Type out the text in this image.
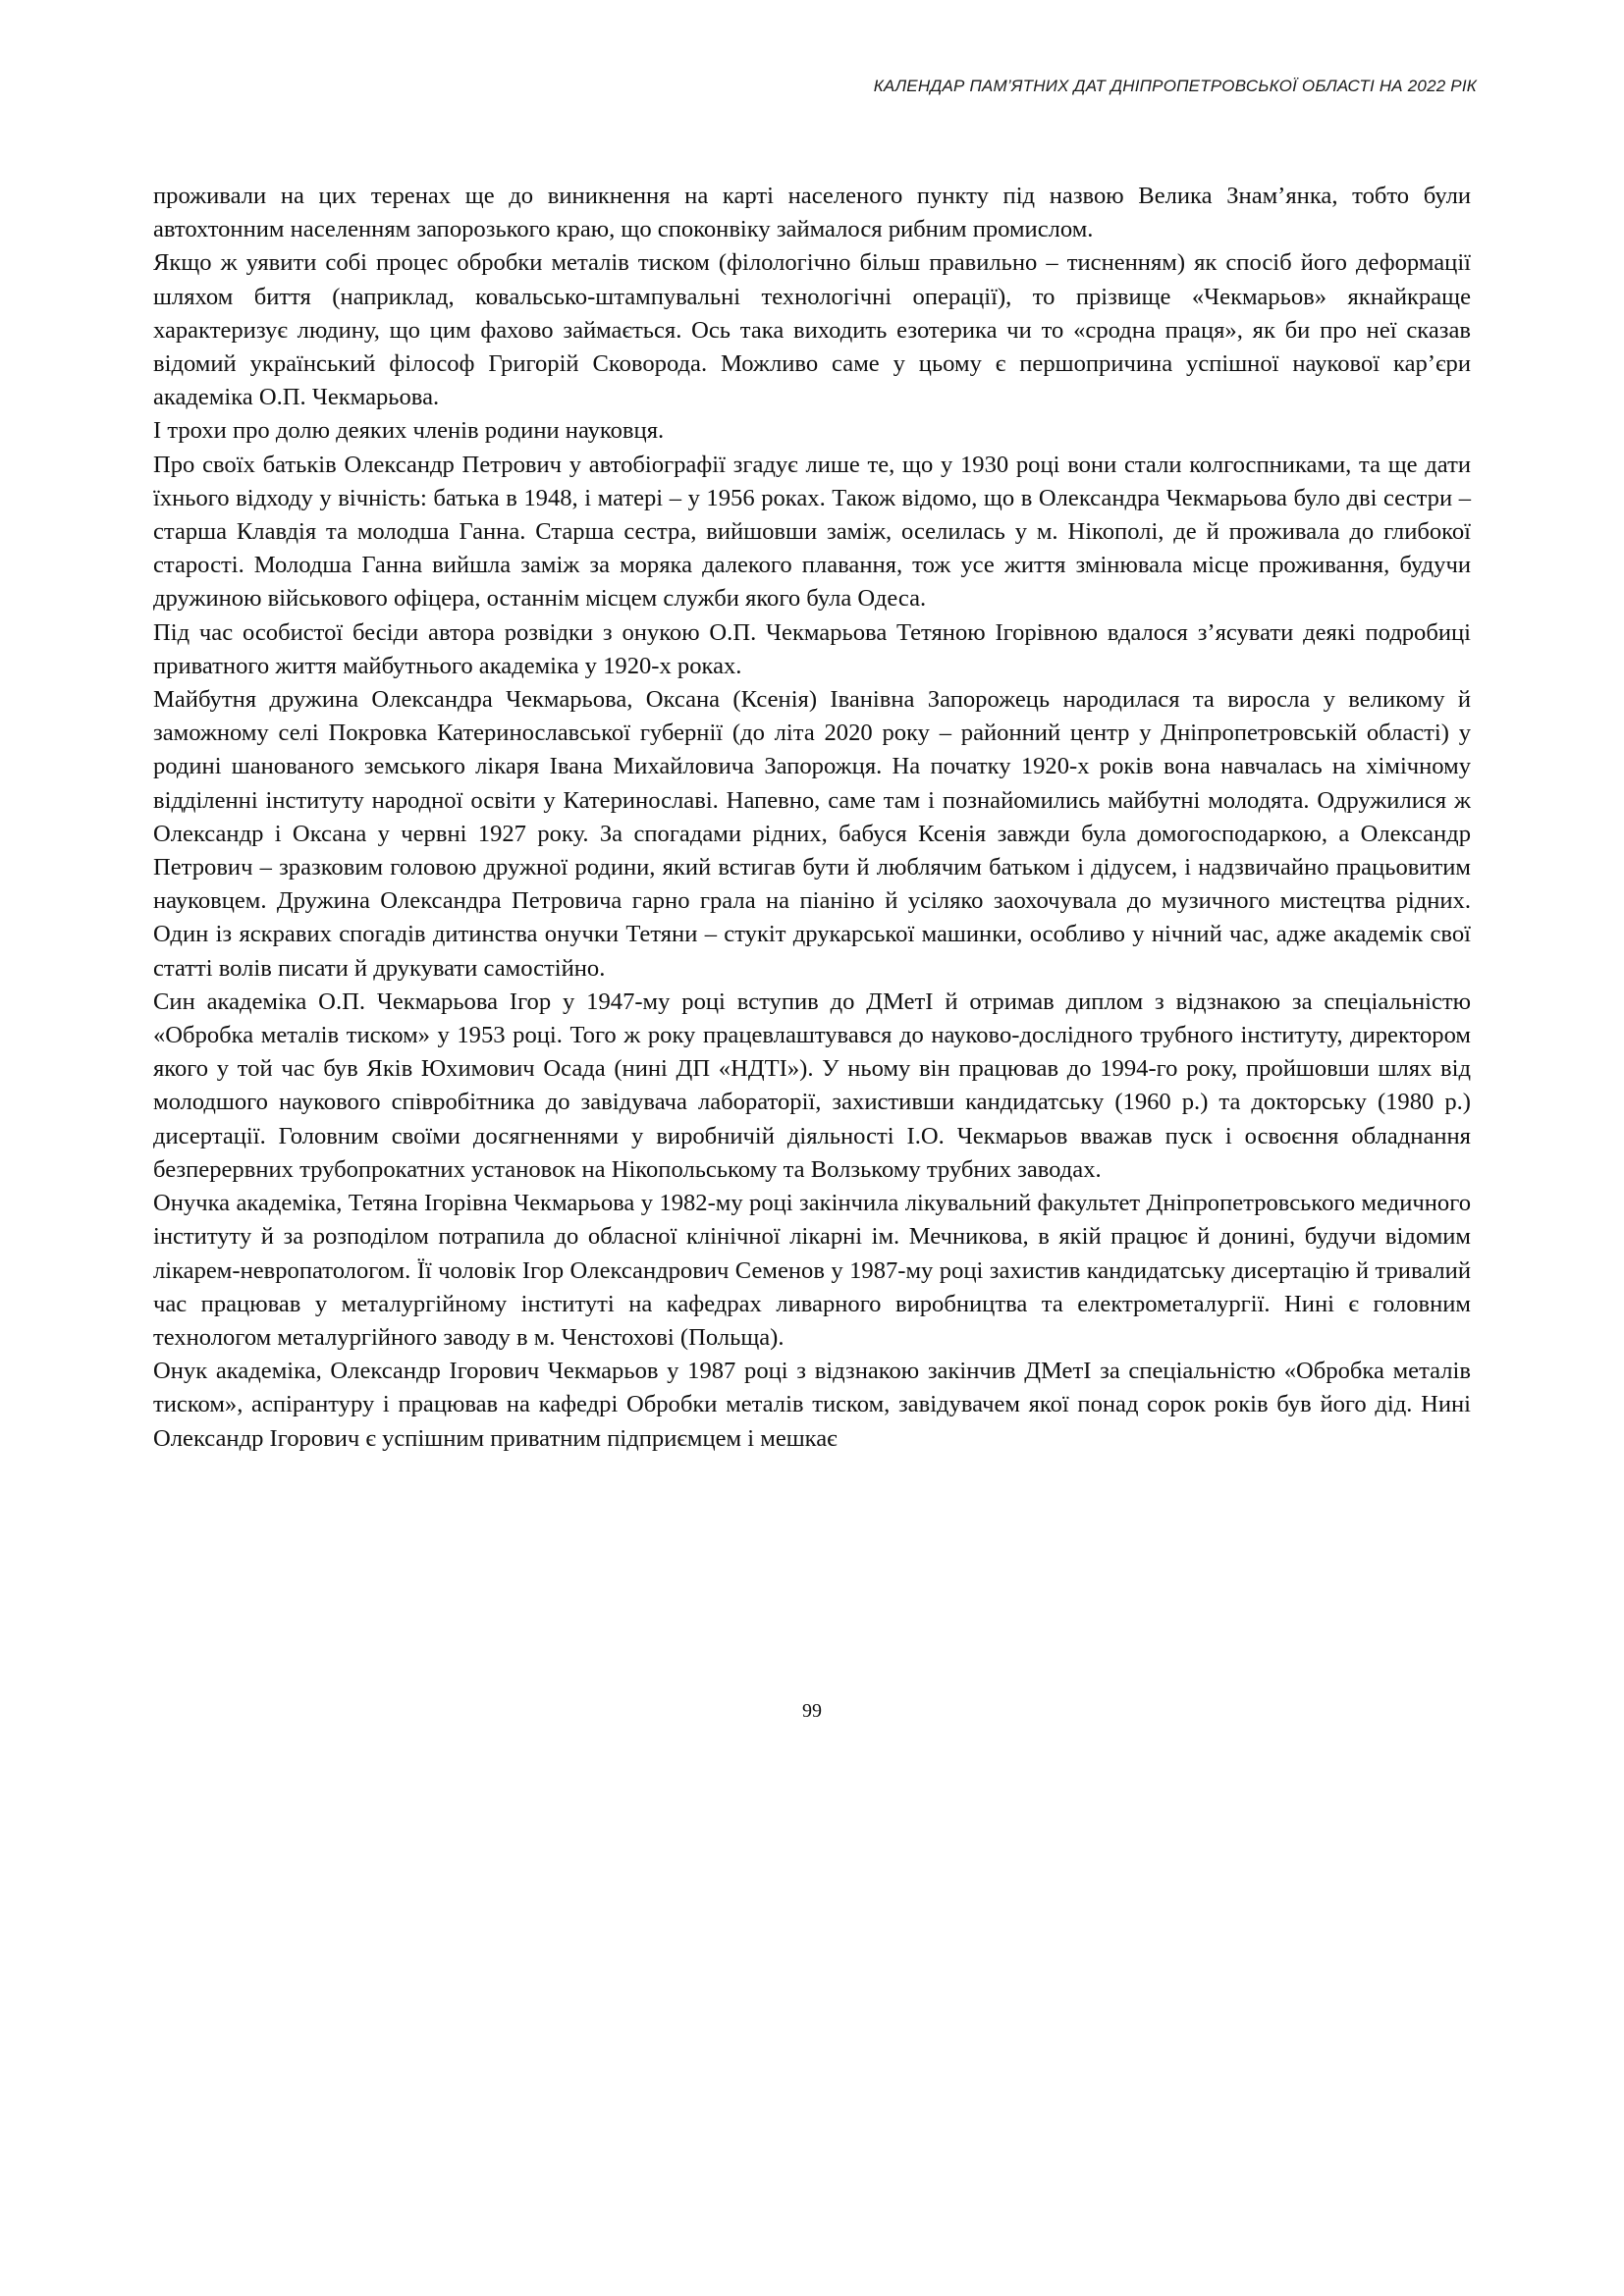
КАЛЕНДАР ПАМ’ЯТНИХ ДАТ ДНІПРОПЕТРОВСЬКОЇ ОБЛАСТІ НА 2022 РІК

проживали на цих теренах ще до виникнення на карті населеного пункту під назвою Велика Знам’янка, тобто були автохтонним населенням запорозького краю, що споконвіку займалося рибним промислом.

Якщо ж уявити собі процес обробки металів тиском (філологічно більш правильно – тисненням) як спосіб його деформації шляхом биття (наприклад, ковальсько-штампувальні технологічні операції), то прізвище «Чекмарьов» якнайкраще характеризує людину, що цим фахово займається. Ось така виходить езотерика чи то «сродна праця», як би про неї сказав відомий український філософ Григорій Сковорода. Можливо саме у цьому є першопричина успішної наукової кар’єри академіка О.П. Чекмарьова.

І трохи про долю деяких членів родини науковця.

Про своїх батьків Олександр Петрович у автобіографії згадує лише те, що у 1930 році вони стали колгоспниками, та ще дати їхнього відходу у вічність: батька в 1948, і матері – у 1956 роках. Також відомо, що в Олександра Чекмарьова було дві сестри – старша Клавдія та молодша Ганна. Старша сестра, вийшовши заміж, оселилась у м. Нікополі, де й проживала до глибокої старості. Молодша Ганна вийшла заміж за моряка далекого плавання, тож усе життя змінювала місце проживання, будучи дружиною військового офіцера, останнім місцем служби якого була Одеса.

Під час особистої бесіди автора розвідки з онукою О.П. Чекмарьова Тетяною Ігорівною вдалося з’ясувати деякі подробиці приватного життя майбутнього академіка у 1920-х роках.

Майбутня дружина Олександра Чекмарьова, Оксана (Ксенія) Іванівна Запорожець народилася та виросла у великому й заможному селі Покровка Катеринославської губернії (до літа 2020 року – районний центр у Дніпропетровській області) у родині шанованого земського лікаря Івана Михайловича Запорожця. На початку 1920-х років вона навчалась на хімічному відділенні інституту народної освіти у Катеринославі. Напевно, саме там і познайомились майбутні молодята. Одружилися ж Олександр і Оксана у червні 1927 року. За спогадами рідних, бабуся Ксенія завжди була домогосподаркою, а Олександр Петрович – зразковим головою дружної родини, який встигав бути й люблячим батьком і дідусем, і надзвичайно працьовитим науковцем. Дружина Олександра Петровича гарно грала на піаніно й усіляко заохочувала до музичного мистецтва рідних. Один із яскравих спогадів дитинства онучки Тетяни – стукіт друкарської машинки, особливо у нічний час, адже академік свої статті волів писати й друкувати самостійно.

Син академіка О.П. Чекмарьова Ігор у 1947-му році вступив до ДМетІ й отримав диплом з відзнакою за спеціальністю «Обробка металів тиском» у 1953 році. Того ж року працевлаштувався до науково-дослідного трубного інституту, директором якого у той час був Яків Юхимович Осада (нині ДП «НДТІ»). У ньому він працював до 1994-го року, пройшовши шлях від молодшого наукового співробітника до завідувача лабораторії, захистивши кандидатську (1960 р.) та докторську (1980 р.) дисертації. Головним своїми досягненнями у виробничій діяльності І.О. Чекмарьов вважав пуск і освоєння обладнання безперервних трубопрокатних установок на Нікопольському та Волзькому трубних заводах.

Онучка академіка, Тетяна Ігорівна Чекмарьова у 1982-му році закінчила лікувальний факультет Дніпропетровського медичного інституту й за розподілом потрапила до обласної клінічної лікарні ім. Мечникова, в якій працює й донині, будучи відомим лікарем-невропатологом. Її чоловік Ігор Олександрович Семенов у 1987-му році захистив кандидатську дисертацію й тривалий час працював у металургійному інституті на кафедрах ливарного виробництва та електрометалургії. Нині є головним технологом металургійного заводу в м. Ченстохові (Польща).

Онук академіка, Олександр Ігорович Чекмарьов у 1987 році з відзнакою закінчив ДМетІ за спеціальністю «Обробка металів тиском», аспірантуру і працював на кафедрі Обробки металів тиском, завідувачем якої понад сорок років був його дід. Нині Олександр Ігорович є успішним приватним підприємцем і мешкає

99
